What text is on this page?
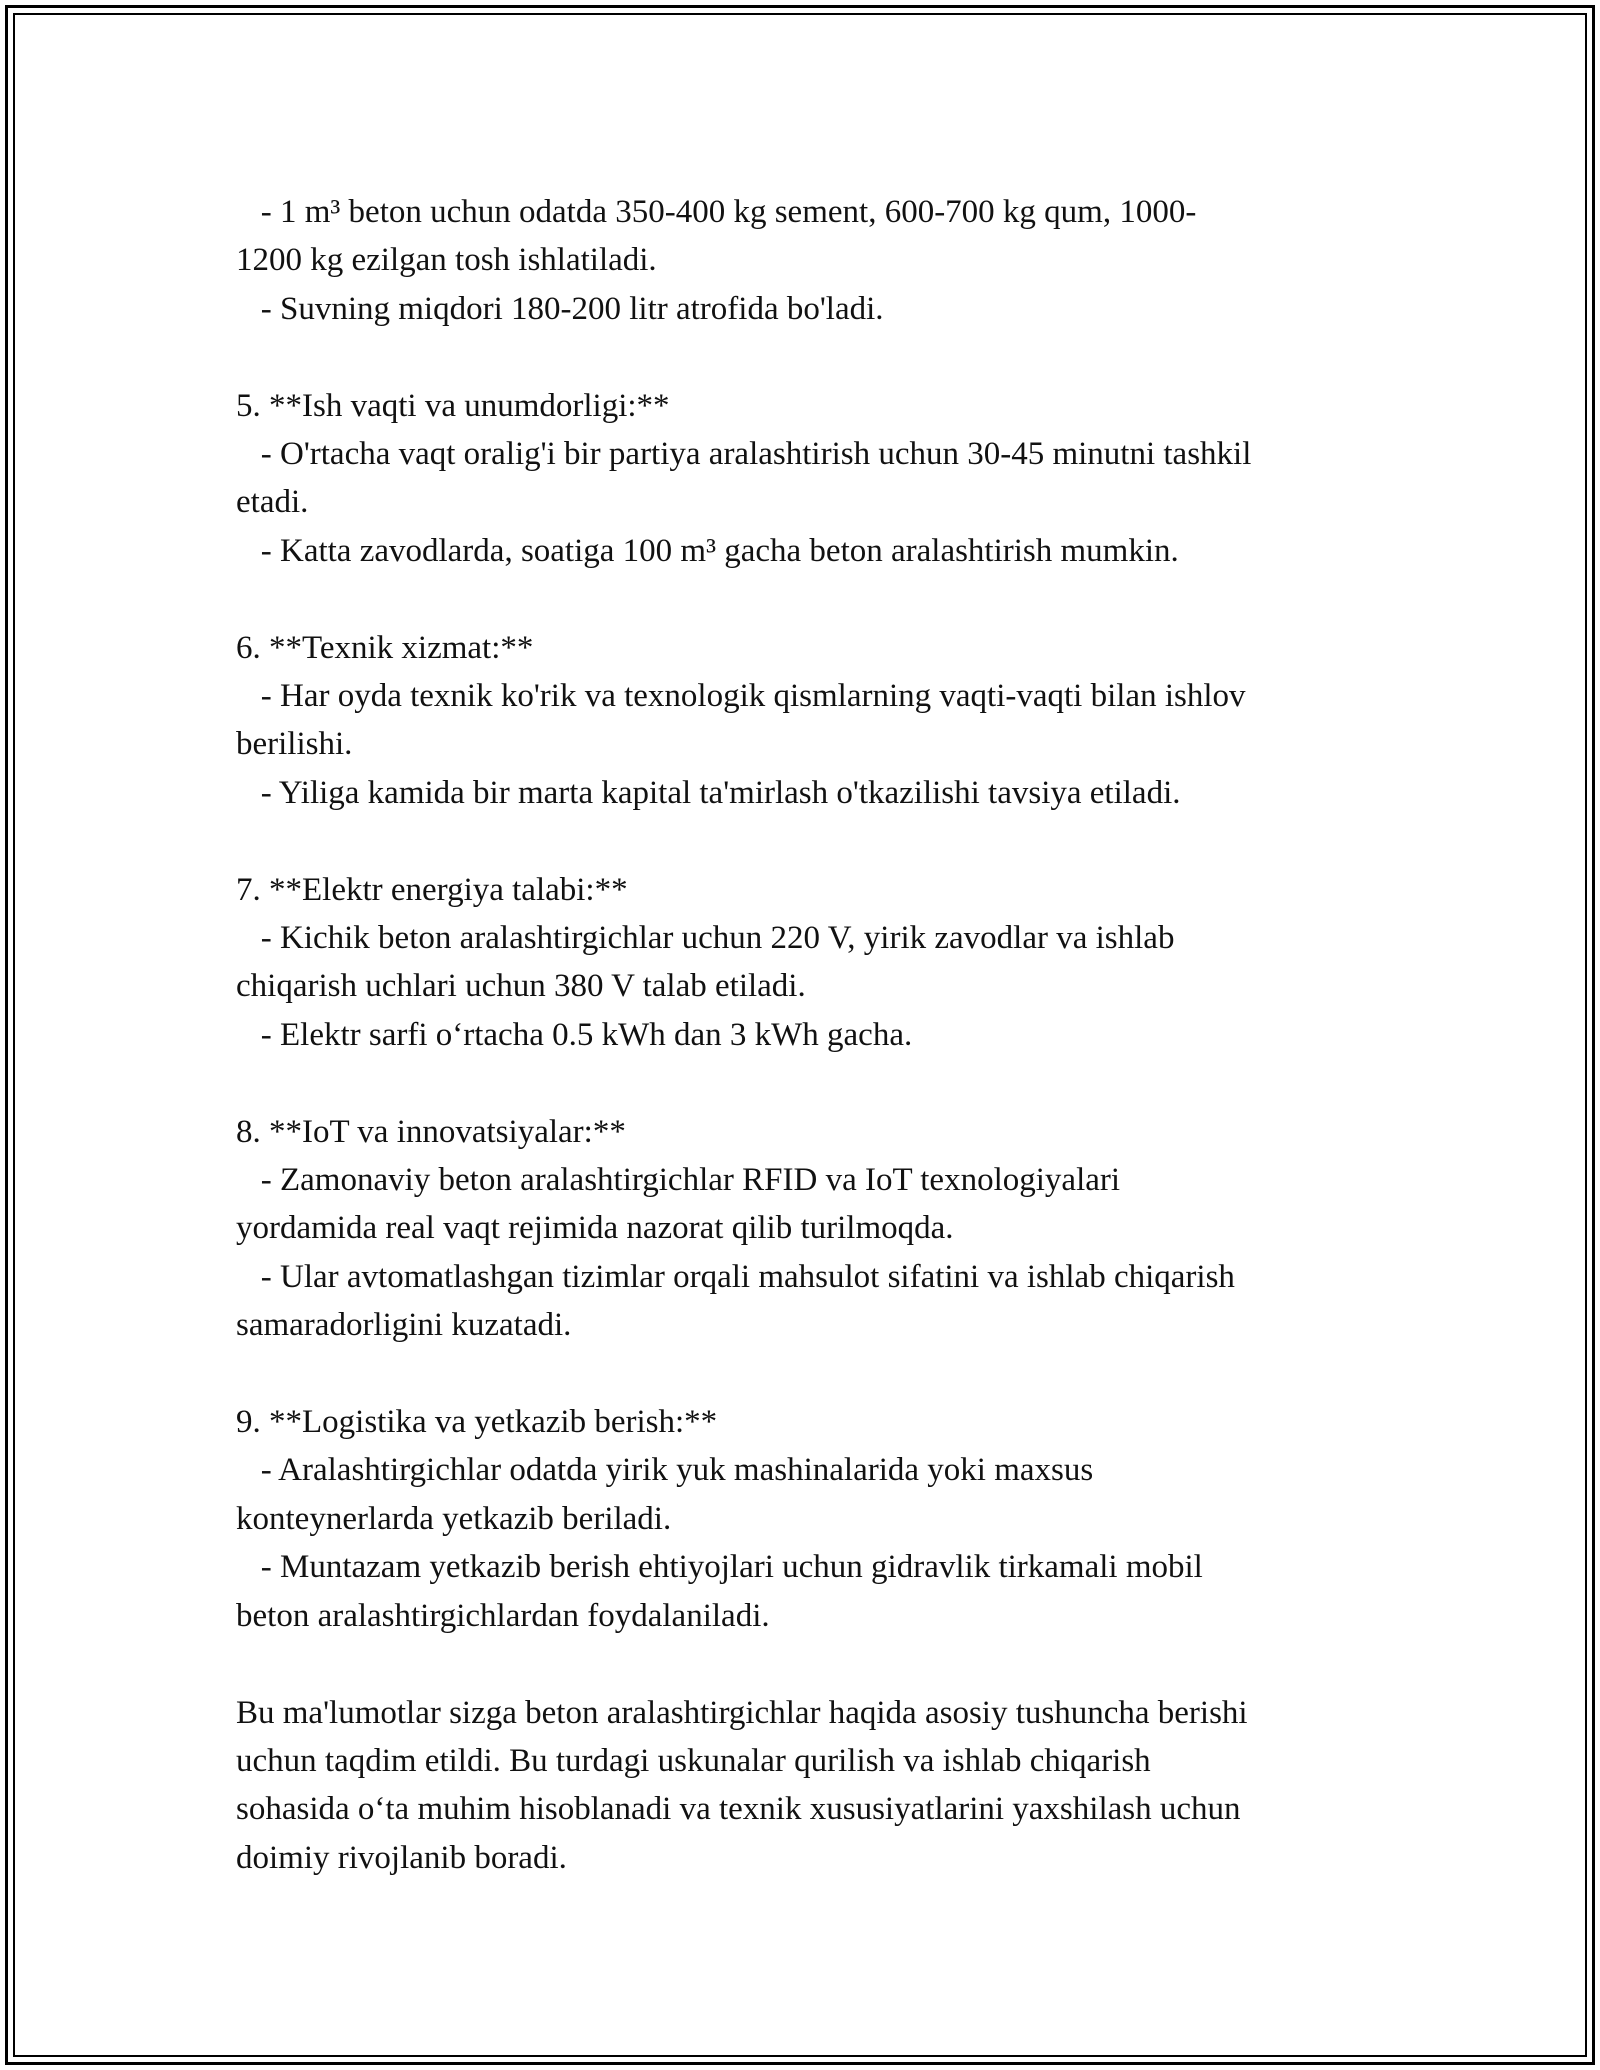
- 1 m³ beton uchun odatda 350-400 kg sement, 600-700 kg qum, 1000-
1200 kg ezilgan tosh ishlatiladi.
- Suvning miqdori 180-200 litr atrofida bo'ladi.
5. **Ish vaqti va unumdorligi:**
- O'rtacha vaqt oralig'i bir partiya aralashtirish uchun 30-45 minutni tashkil
etadi.
- Katta zavodlarda, soatiga 100 m³ gacha beton aralashtirish mumkin.
6. **Texnik xizmat:**
- Har oyda texnik ko'rik va texnologik qismlarning vaqti-vaqti bilan ishlov
berilishi.
- Yiliga kamida bir marta kapital ta'mirlash o'tkazilishi tavsiya etiladi.
7. **Elektr energiya talabi:**
- Kichik beton aralashtirgichlar uchun 220 V, yirik zavodlar va ishlab
chiqarish uchlari uchun 380 V talab etiladi.
- Elektr sarfi o‘rtacha 0.5 kWh dan 3 kWh gacha.
8. **IoT va innovatsiyalar:**
- Zamonaviy beton aralashtirgichlar RFID va IoT texnologiyalari
yordamida real vaqt rejimida nazorat qilib turilmoqda.
- Ular avtomatlashgan tizimlar orqali mahsulot sifatini va ishlab chiqarish
samaradorligini kuzatadi.
9. **Logistika va yetkazib berish:**
- Aralashtirgichlar odatda yirik yuk mashinalarida yoki maxsus
konteynerlarda yetkazib beriladi.
- Muntazam yetkazib berish ehtiyojlari uchun gidravlik tirkamali mobil
beton aralashtirgichlardan foydalaniladi.
Bu ma'lumotlar sizga beton aralashtirgichlar haqida asosiy tushuncha berishi
uchun taqdim etildi. Bu turdagi uskunalar qurilish va ishlab chiqarish
sohasida o‘ta muhim hisoblanadi va texnik xususiyatlarini yaxshilash uchun
doimiy rivojlanib boradi.
